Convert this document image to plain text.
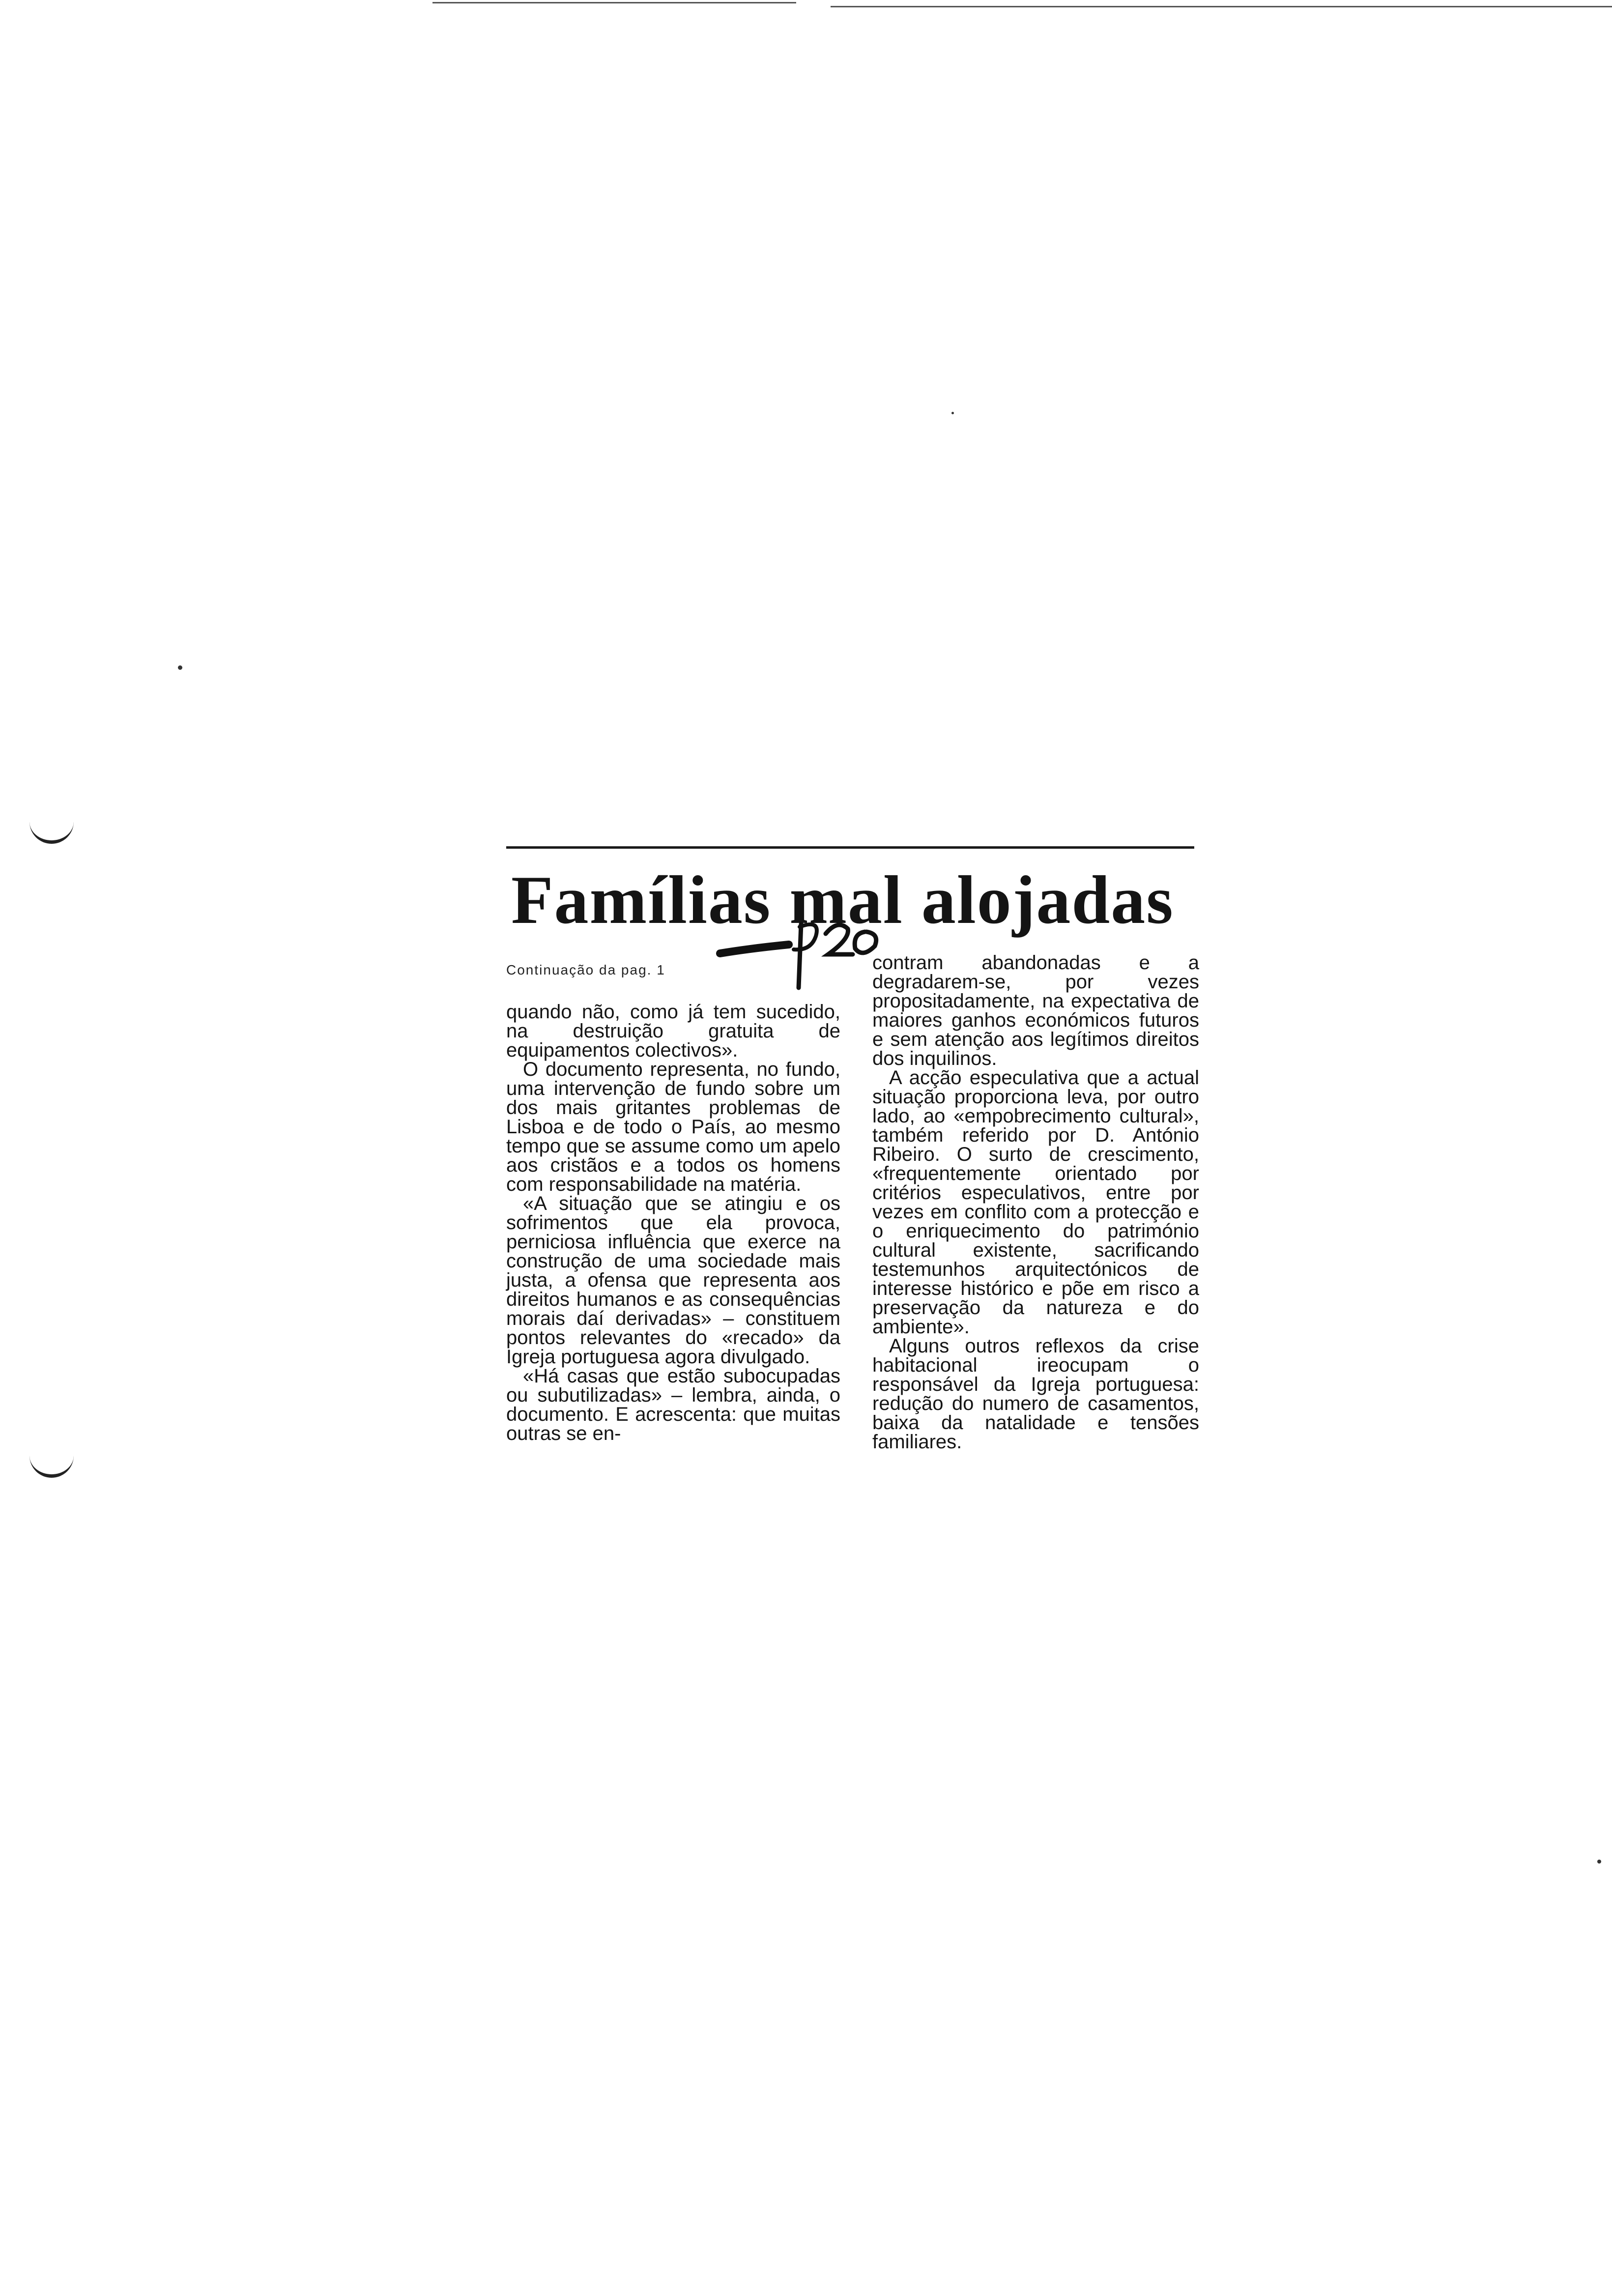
Famílias mal alojadas
Continuação da pag. 1

quando não, como já tem sucedido, na destruição gratuita de equipamentos colectivos».

O documento representa, no fundo, uma intervenção de fundo sobre um dos mais gritantes problemas de Lisboa e de todo o País, ao mesmo tempo que se assume como um apelo aos cristãos e a todos os homens com responsabilidade na matéria.

«A situação que se atingiu e os sofrimentos que ela provoca, perniciosa influência que exerce na construção de uma sociedade mais justa, a ofensa que representa aos direitos humanos e as consequências morais daí derivadas» – constituem pontos relevantes do «recado» da Igreja portuguesa agora divulgado.

«Há casas que estão subocupadas ou subutilizadas» – lembra, ainda, o documento. E acrescenta: que muitas outras se en-

contram abandonadas e a degradarem-se, por vezes propositadamente, na expectativa de maiores ganhos económicos futuros e sem atenção aos legítimos direitos dos inquilinos.

A acção especulativa que a actual situação proporciona leva, por outro lado, ao «empobrecimento cultural», também referido por D. António Ribeiro. O surto de crescimento, «frequentemente orientado por critérios especulativos, entre por vezes em conflito com a protecção e o enriquecimento do património cultural existente, sacrificando testemunhos arquitectónicos de interesse histórico e põe em risco a preservação da natureza e do ambiente».

Alguns outros reflexos da crise habitacional ireocupam o responsável da Igreja portuguesa: redução do numero de casamentos, baixa da natalidade e tensões familiares.
